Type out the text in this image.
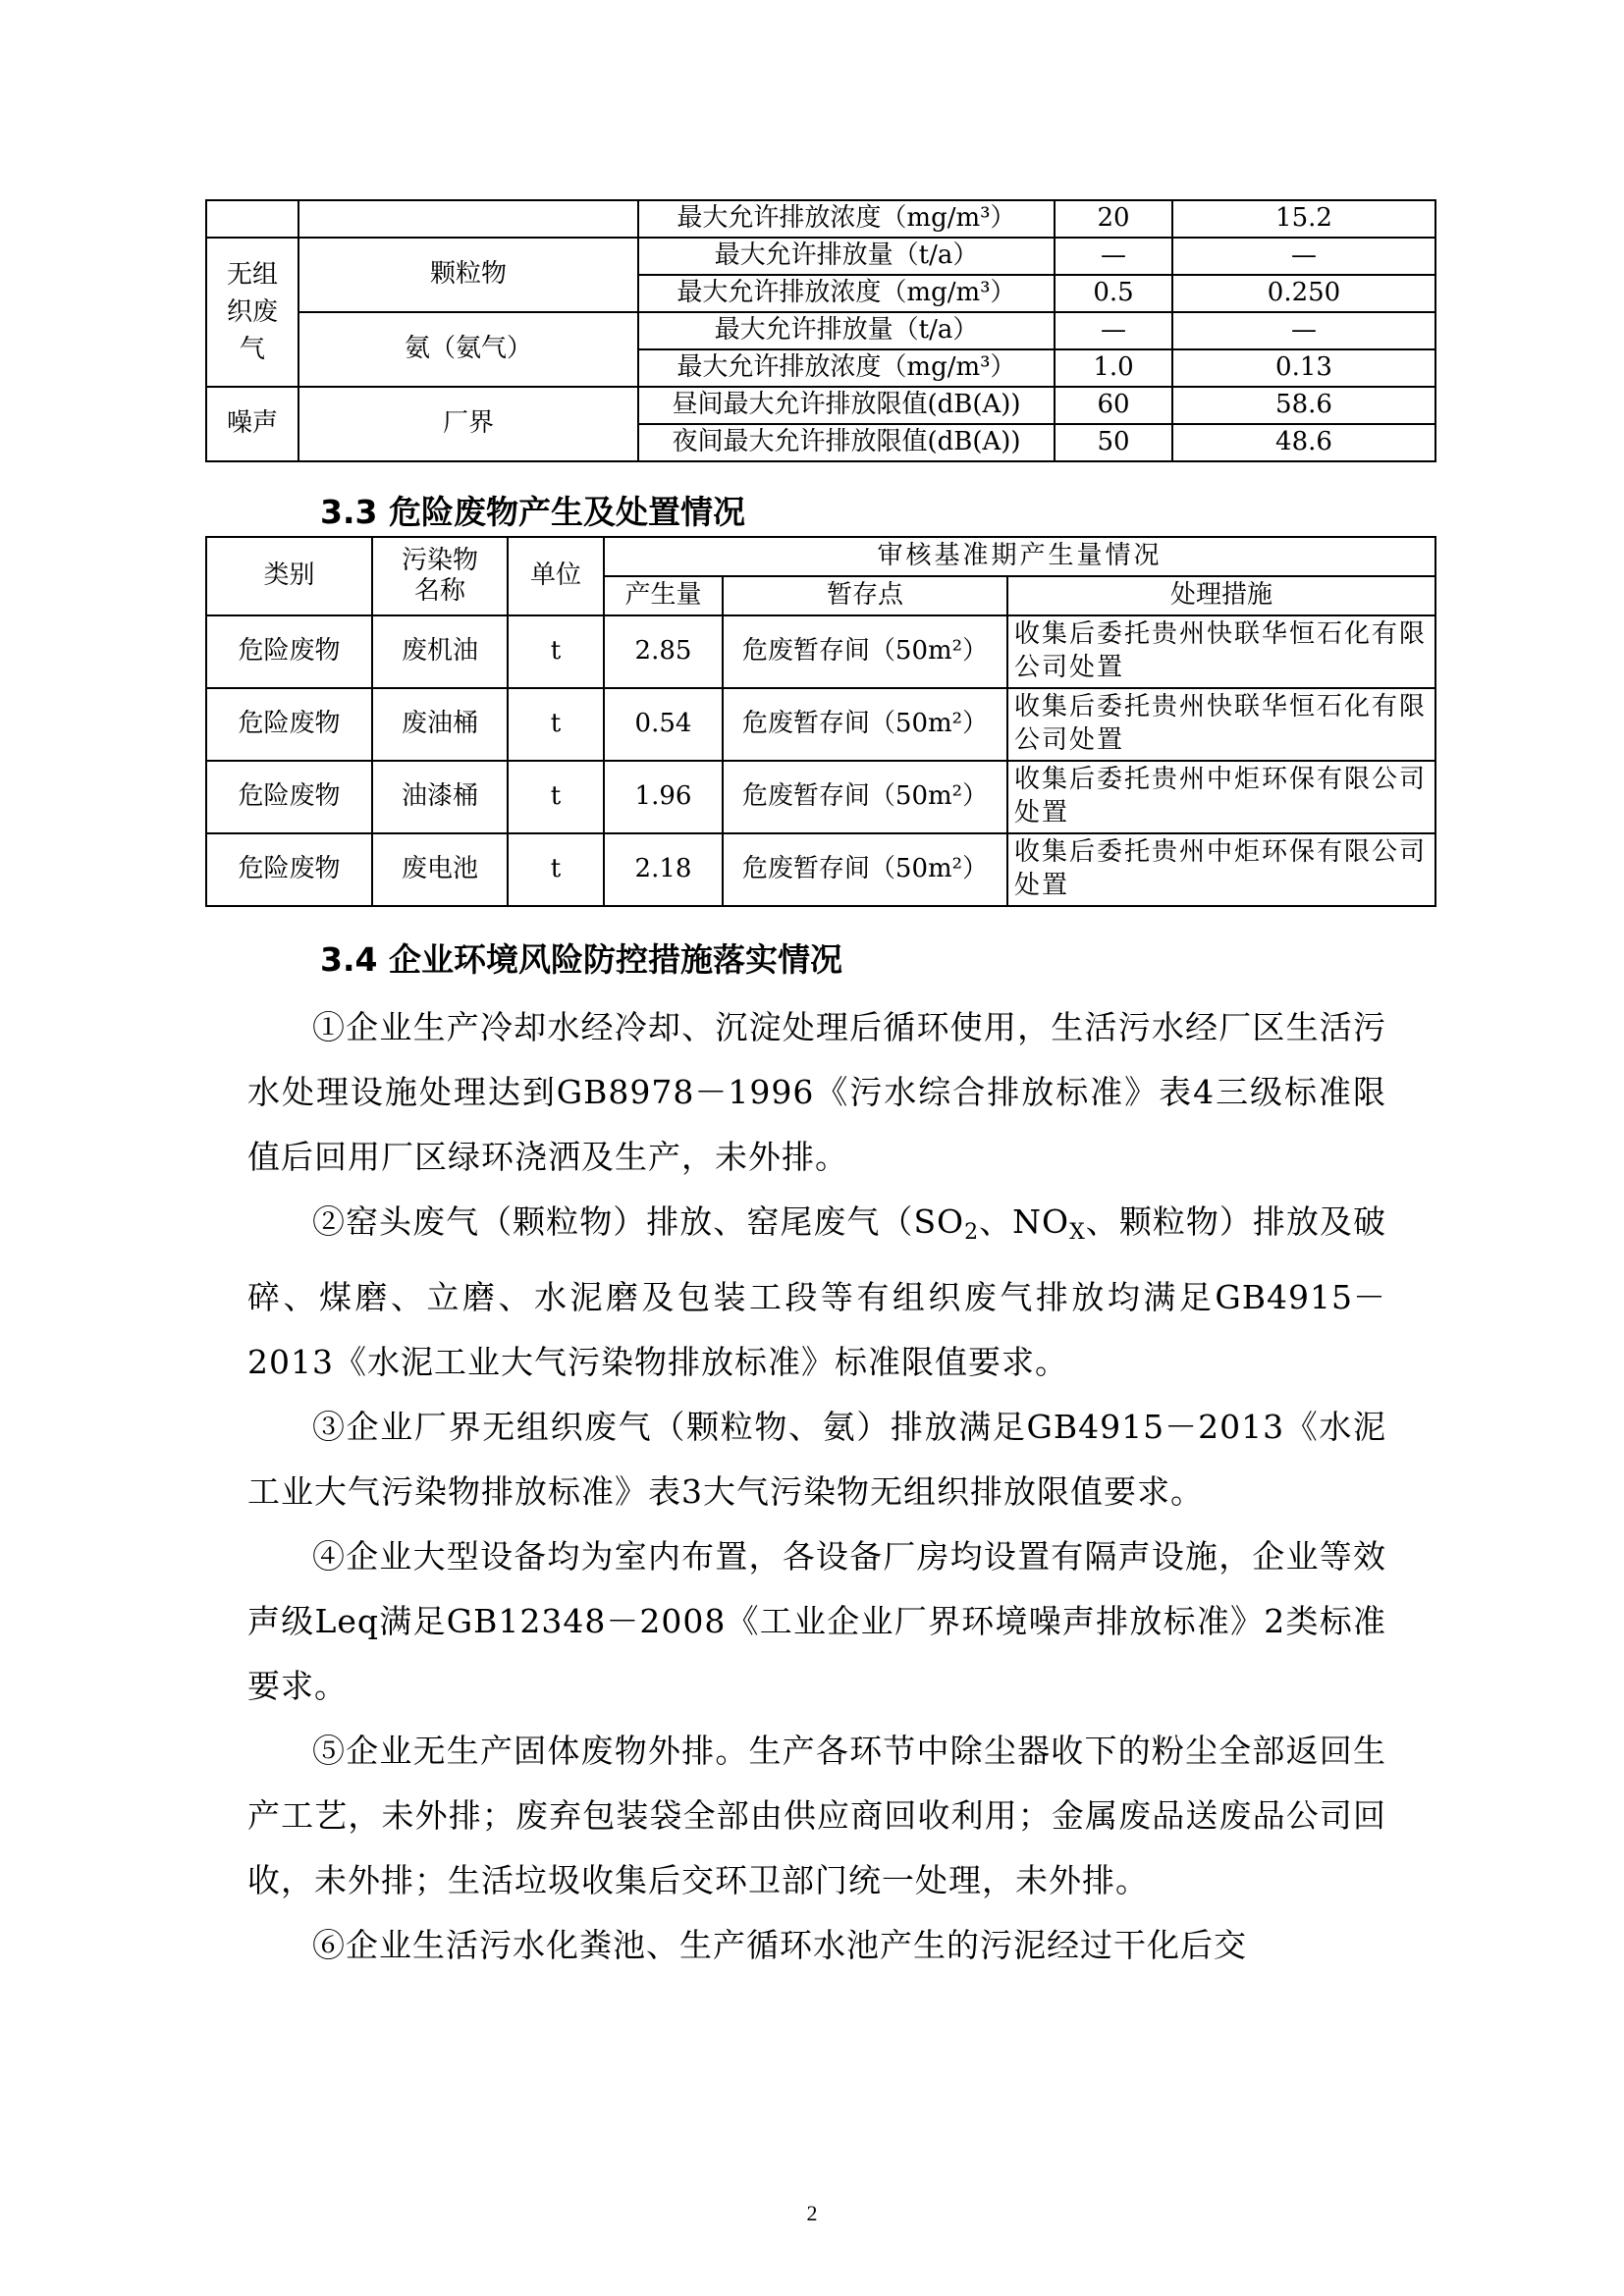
		最大允许排放浓度（mg/m³）	20	15.2
无组织废气	颗粒物	最大允许排放量（t/a）	—	—
		最大允许排放浓度（mg/m³）	0.5	0.250
	氨（氨气）	最大允许排放量（t/a）	—	—
		最大允许排放浓度（mg/m³）	1.0	0.13
噪声	厂界	昼间最大允许排放限值(dB(A))	60	58.6
		夜间最大允许排放限值(dB(A))	50	48.6
3.3 危险废物产生及处置情况
类别	污染物名称	单位	审核基准期产生量情况		
			产生量	暂存点	处理措施
危险废物	废机油	t	2.85	危废暂存间（50m²）	收集后委托贵州快联华恒石化有限公司处置
危险废物	废油桶	t	0.54	危废暂存间（50m²）	收集后委托贵州快联华恒石化有限公司处置
危险废物	油漆桶	t	1.96	危废暂存间（50m²）	收集后委托贵州中炬环保有限公司处置
危险废物	废电池	t	2.18	危废暂存间（50m²）	收集后委托贵州中炬环保有限公司处置
3.4 企业环境风险防控措施落实情况

①企业生产冷却水经冷却、沉淀处理后循环使用，生活污水经厂区生活污水处理设施处理达到GB8978－1996《污水综合排放标准》表4三级标准限值后回用厂区绿环浇洒及生产，未外排。

②窑头废气（颗粒物）排放、窑尾废气（$SO_2$、$NO_X$、颗粒物）排放及破碎、煤磨、立磨、水泥磨及包装工段等有组织废气排放均满足GB4915－2013《水泥工业大气污染物排放标准》标准限值要求。

③企业厂界无组织废气（颗粒物、氨）排放满足GB4915－2013《水泥工业大气污染物排放标准》表3大气污染物无组织排放限值要求。

④企业大型设备均为室内布置，各设备厂房均设置有隔声设施，企业等效声级Leq满足GB12348－2008《工业企业厂界环境噪声排放标准》2类标准要求。

⑤企业无生产固体废物外排。生产各环节中除尘器收下的粉尘全部返回生产工艺，未外排；废弃包装袋全部由供应商回收利用；金属废品送废品公司回收，未外排；生活垃圾收集后交环卫部门统一处理，未外排。

⑥企业生活污水化粪池、生产循环水池产生的污泥经过干化后交

2
